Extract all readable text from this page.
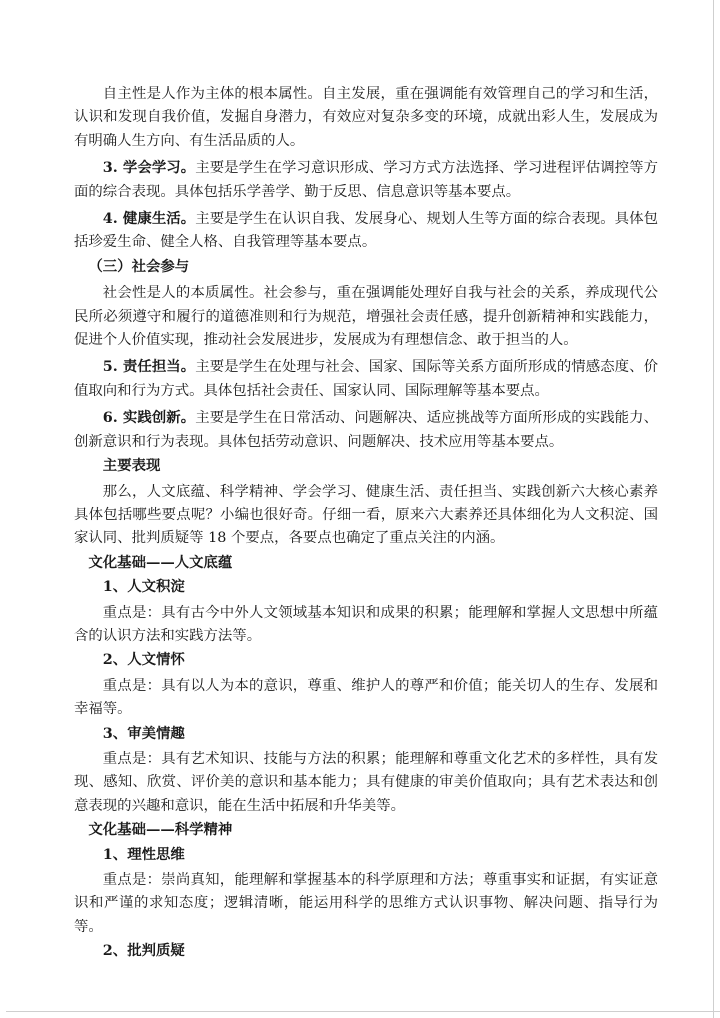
自主性是人作为主体的根本属性。自主发展，重在强调能有效管理自己的学习和生活，认识和发现自我价值，发掘自身潜力，有效应对复杂多变的环境，成就出彩人生，发展成为有明确人生方向、有生活品质的人。

3. 学会学习。主要是学生在学习意识形成、学习方式方法选择、学习进程评估调控等方面的综合表现。具体包括乐学善学、勤于反思、信息意识等基本要点。

4. 健康生活。主要是学生在认识自我、发展身心、规划人生等方面的综合表现。具体包括珍爱生命、健全人格、自我管理等基本要点。

（三）社会参与

社会性是人的本质属性。社会参与，重在强调能处理好自我与社会的关系，养成现代公民所必须遵守和履行的道德准则和行为规范，增强社会责任感，提升创新精神和实践能力，促进个人价值实现，推动社会发展进步，发展成为有理想信念、敢于担当的人。

5. 责任担当。主要是学生在处理与社会、国家、国际等关系方面所形成的情感态度、价值取向和行为方式。具体包括社会责任、国家认同、国际理解等基本要点。

6. 实践创新。主要是学生在日常活动、问题解决、适应挑战等方面所形成的实践能力、创新意识和行为表现。具体包括劳动意识、问题解决、技术应用等基本要点。

主要表现

那么，人文底蕴、科学精神、学会学习、健康生活、责任担当、实践创新六大核心素养具体包括哪些要点呢？小编也很好奇。仔细一看，原来六大素养还具体细化为人文积淀、国家认同、批判质疑等 18 个要点，各要点也确定了重点关注的内涵。

文化基础——人文底蕴

1、人文积淀

重点是：具有古今中外人文领域基本知识和成果的积累；能理解和掌握人文思想中所蕴含的认识方法和实践方法等。

2、人文情怀

重点是：具有以人为本的意识，尊重、维护人的尊严和价值；能关切人的生存、发展和幸福等。

3、审美情趣

重点是：具有艺术知识、技能与方法的积累；能理解和尊重文化艺术的多样性，具有发现、感知、欣赏、评价美的意识和基本能力；具有健康的审美价值取向；具有艺术表达和创意表现的兴趣和意识，能在生活中拓展和升华美等。

文化基础——科学精神

1、理性思维

重点是：崇尚真知，能理解和掌握基本的科学原理和方法；尊重事实和证据，有实证意识和严谨的求知态度；逻辑清晰，能运用科学的思维方式认识事物、解决问题、指导行为等。

2、批判质疑
